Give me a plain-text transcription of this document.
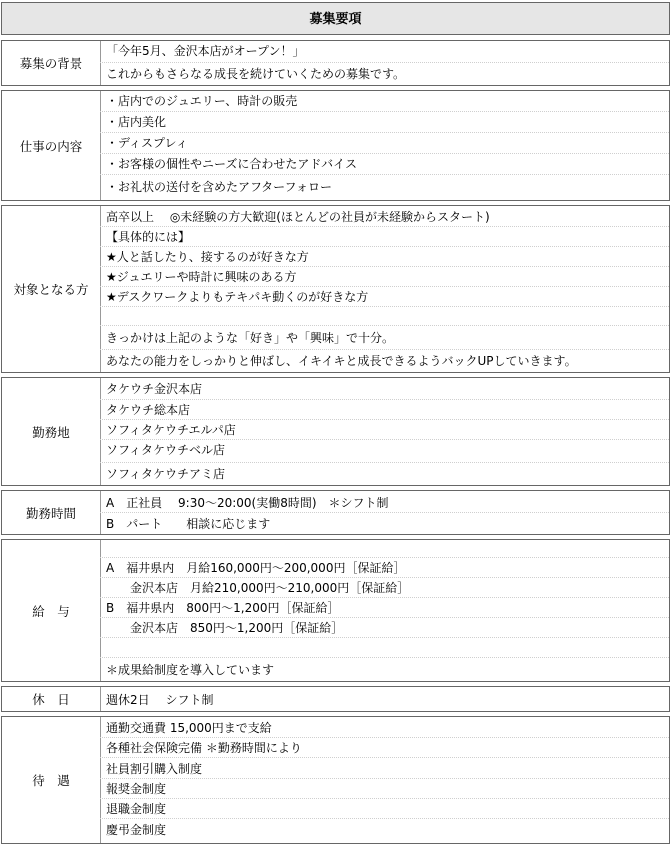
募集要項
募集の背景
「今年5月、金沢本店がオープン！」
これからもさらなる成長を続けていくための募集です。
仕事の内容
・店内でのジュエリー、時計の販売
・店内美化
・ディスプレィ
・お客様の個性やニーズに合わせたアドバイス
・お礼状の送付を含めたアフターフォロー
対象となる方
高卒以上　 ◎未経験の方大歓迎(ほとんどの社員が未経験からスタート)
【具体的には】
★人と話したり、接するのが好きな方
★ジュエリーや時計に興味のある方
★デスクワークよりもテキパキ動くのが好きな方
きっかけは上記のような「好き」や「興味」で十分。
あなたの能力をしっかりと伸ばし、イキイキと成長できるようバックUPしていきます。
勤務地
タケウチ金沢本店
タケウチ総本店
ソフィタケウチエルパ店
ソフィタケウチベル店
ソフィタケウチアミ店
勤務時間
A　正社員　 9:30～20:00(実働8時間)　＊シフト制
B　パート　　相談に応じます
給　与
A　福井県内　月給160,000円～200,000円［保証給］
　　金沢本店　月給210,000円～210,000円［保証給］
B　福井県内　800円～1,200円［保証給］
　　金沢本店　850円～1,200円［保証給］
＊成果給制度を導入しています
休　日	週休2日　 シフト制
待　遇
通勤交通費 15,000円まで支給
各種社会保険完備 ＊勤務時間により
社員割引購入制度
報奨金制度
退職金制度
慶弔金制度
